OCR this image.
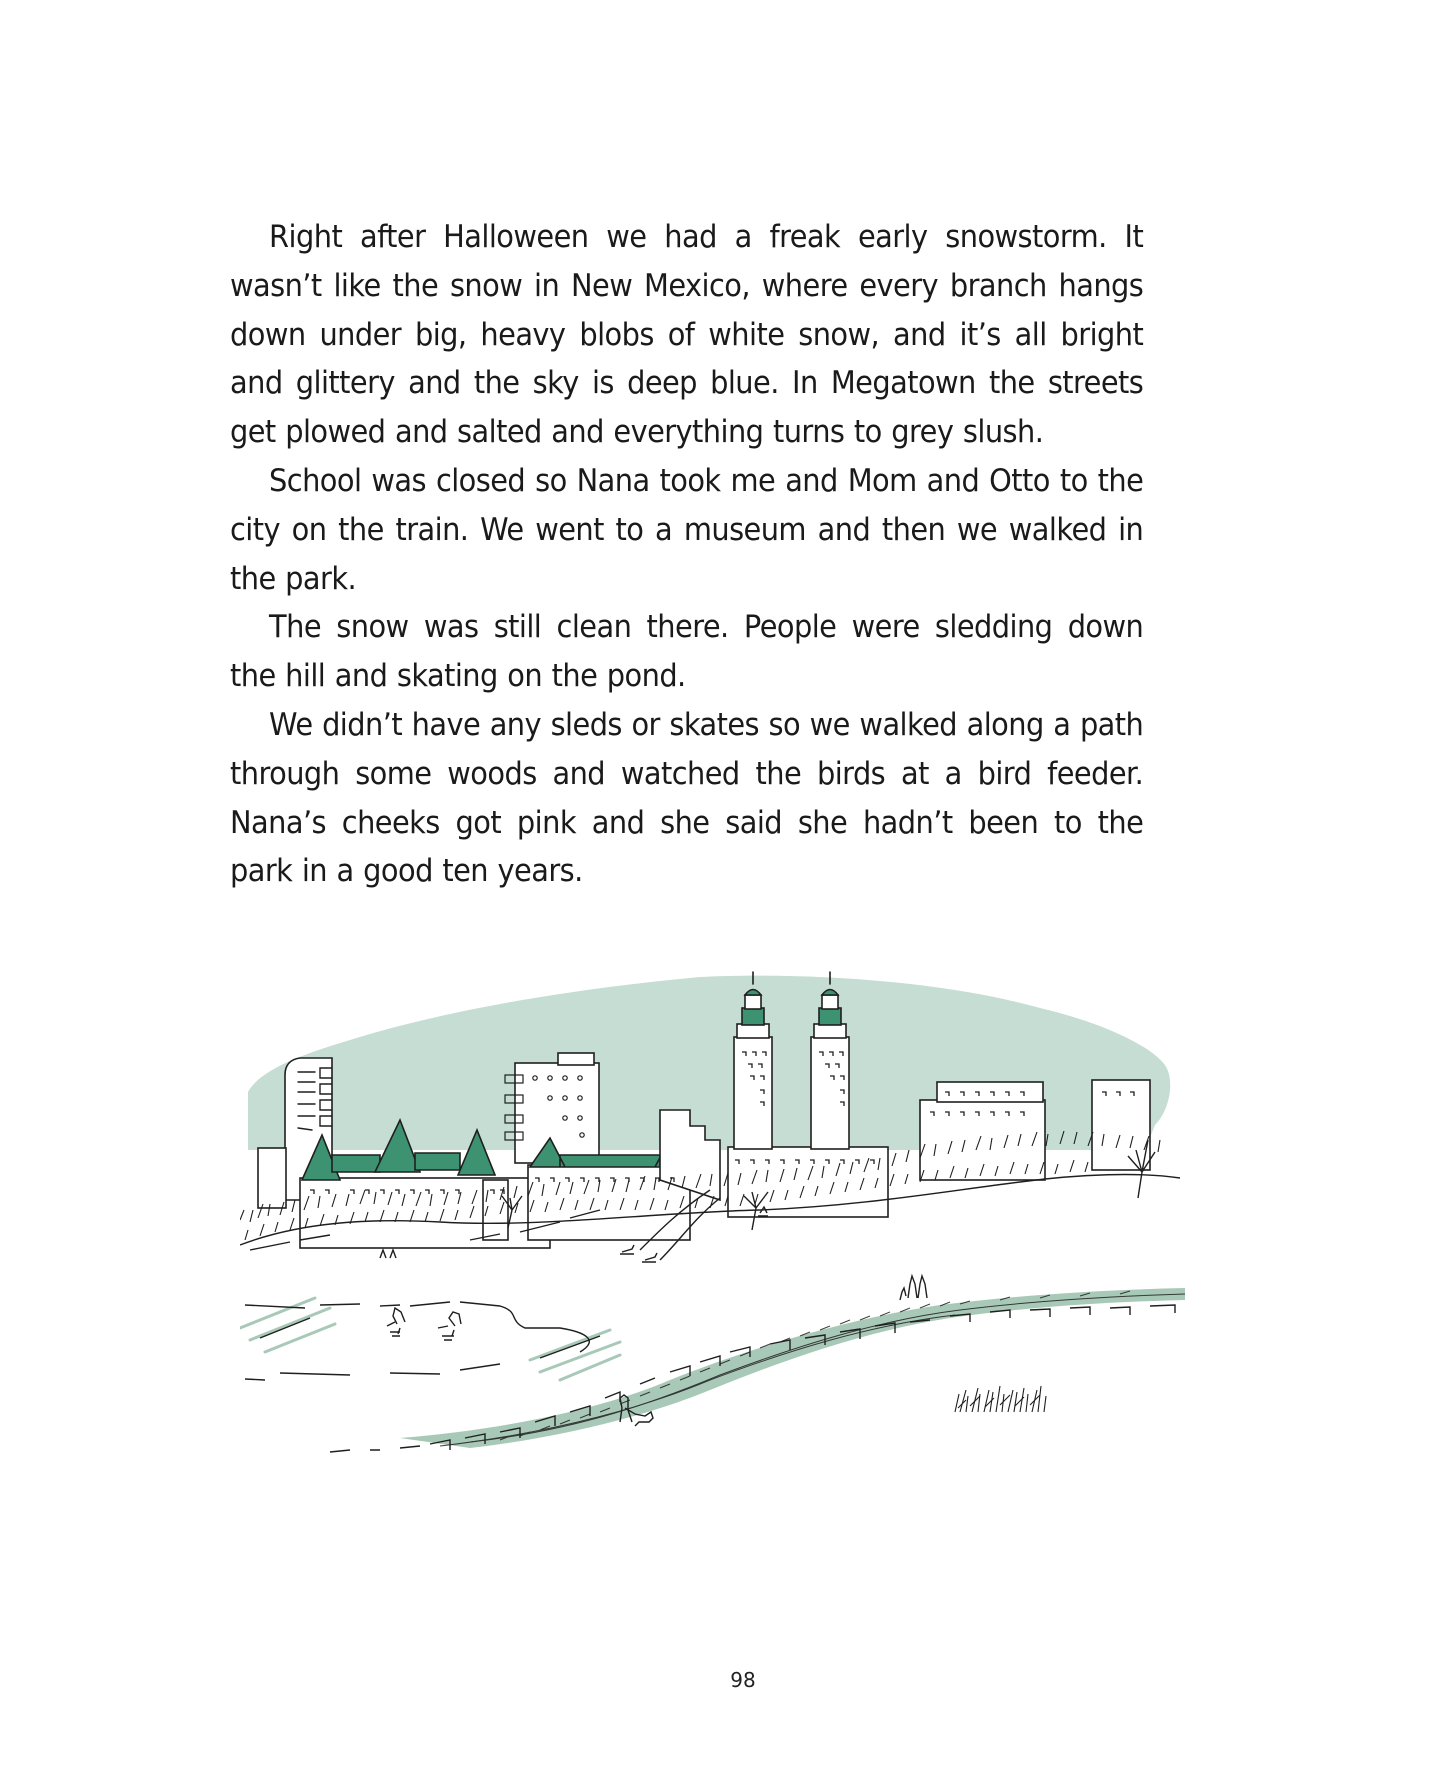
Right after Halloween we had a freak early snowstorm. It wasn’t like the snow in New Mexico, where every branch hangs down under big, heavy blobs of white snow, and it’s all bright and glittery and the sky is deep blue. In Megatown the streets get plowed and salted and everything turns to grey slush.

School was closed so Nana took me and Mom and Otto to the city on the train. We went to a museum and then we walked in the park.

The snow was still clean there. People were sledding down the hill and skating on the pond.

We didn’t have any sleds or skates so we walked along a path through some woods and watched the birds at a bird feeder. Nana’s cheeks got pink and she said she hadn’t been to the park in a good ten years.

98
